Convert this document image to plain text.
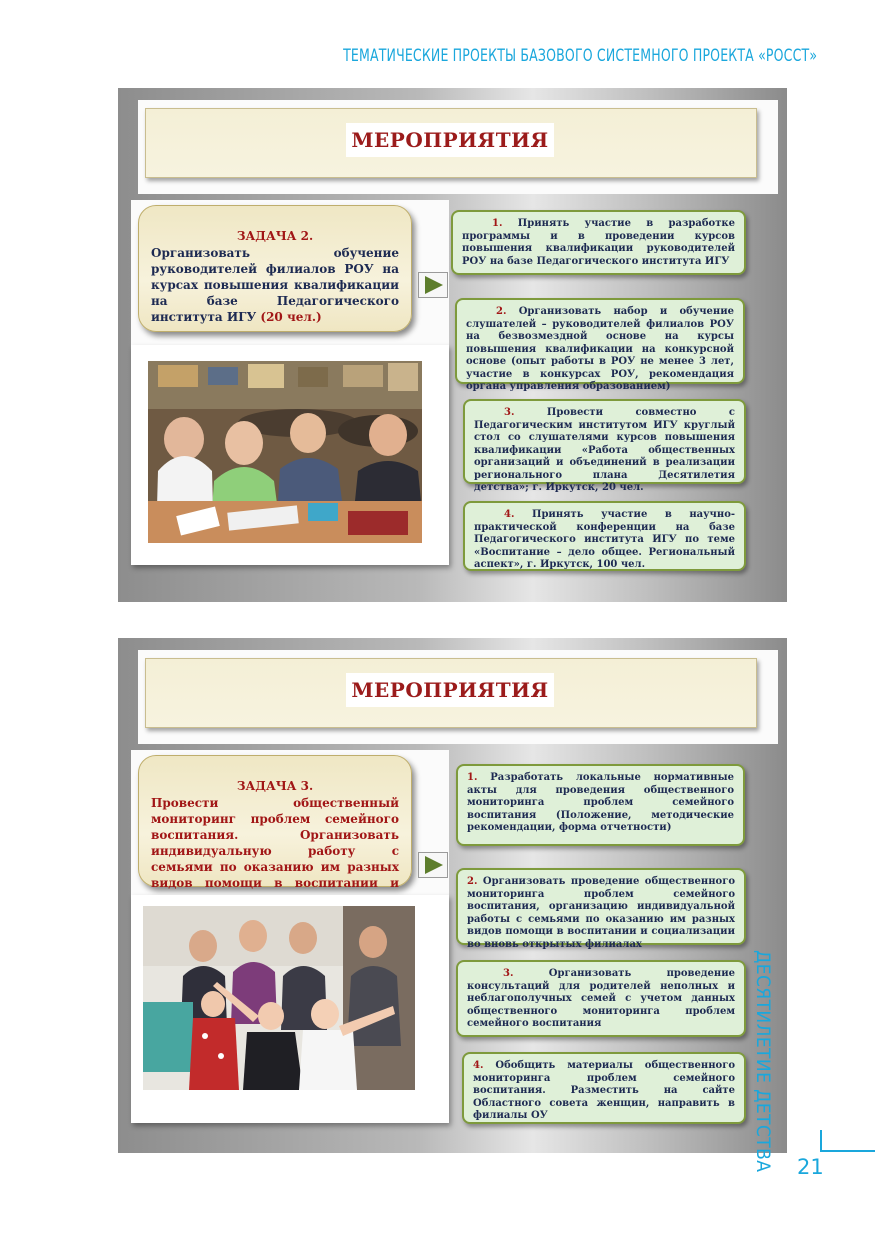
ТЕМАТИЧЕСКИЕ ПРОЕКТЫ БАЗОВОГО СИСТЕМНОГО ПРОЕКТА «РОССТ»
МЕРОПРИЯТИЯ
ЗАДАЧА 2.
Организовать обучение руководителей филиалов РОУ на курсах повышения квалификации на базе Педагогического института ИГУ (20 чел.)
1. Принять участие в разработке программы и в проведении курсов повышения квалификации руководителей РОУ на базе Педагогического института ИГУ
2. Организовать набор и обучение слушателей – руководителей филиалов РОУ на безвозмездной основе на курсы повышения квалификации на конкурсной основе (опыт работы в РОУ не менее 3 лет, участие в конкурсах РОУ, рекомендация органа управления образованием)
3.	Провести совместно с Педагогическим институтом ИГУ круглый стол со слушателями курсов повышения квалификации «Работа общественных организаций и объединений в реализации регионального плана Десятилетия детства»; г. Иркутск, 20 чел.
4. Принять участие в научно-практической конференции на базе Педагогического института ИГУ по теме «Воспитание – дело общее. Региональный аспект», г. Иркутск, 100 чел.
МЕРОПРИЯТИЯ
ЗАДАЧА 3.
Провести общественный мониторинг проблем семейного воспитания. Организовать индивидуальную работу с семьями по оказанию им разных видов помощи в воспитании и
1. Разработать локальные нормативные акты для проведения общественного мониторинга проблем семейного воспитания (Положение, методические рекомендации, форма отчетности)
2. Организовать проведение общественного мониторинга проблем семейного воспитания, организацию индивидуальной работы с семьями по оказанию им разных видов помощи в воспитании и социализации во вновь открытых филиалах
3.	Организовать проведение консультаций для родителей неполных и неблагополучных семей с учетом данных общественного мониторинга проблем семейного воспитания
4. Обобщить материалы общественного мониторинга проблем семейного воспитания. Разместить на сайте Областного совета женщин, направить в филиалы ОУ	ДЕСЯТИЛЕТИЕ ДЕТСТВА	21
